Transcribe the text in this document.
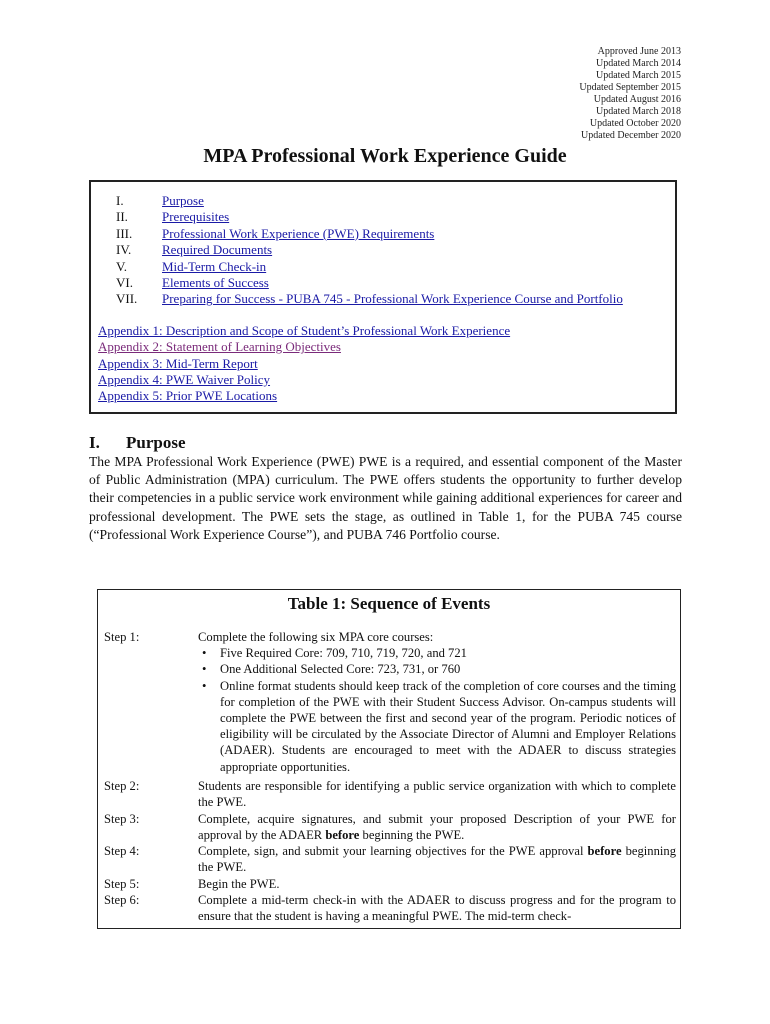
Approved June 2013
Updated March 2014
Updated March 2015
Updated September 2015
Updated August 2016
Updated March 2018
Updated October 2020
Updated December 2020
MPA Professional Work Experience Guide
I.	Purpose
II.	Prerequisites
III. Professional Work Experience (PWE) Requirements
IV. Required Documents
V.	Mid-Term Check-in
VI. Elements of Success
VII. Preparing for Success - PUBA 745 - Professional Work Experience Course and Portfolio
Appendix 1: Description and Scope of Student’s Professional Work Experience
Appendix 2: Statement of Learning Objectives
Appendix 3: Mid-Term Report
Appendix 4: PWE Waiver Policy
Appendix 5: Prior PWE Locations
I. Purpose
The MPA Professional Work Experience (PWE) PWE is a required, and essential component of the Master of Public Administration (MPA) curriculum. The PWE offers students the opportunity to further develop their competencies in a public service work environment while gaining additional experiences for career and professional development. The PWE sets the stage, as outlined in Table 1, for the PUBA 745 course (“Professional Work Experience Course”), and PUBA 746 Portfolio course.
Table 1: Sequence of Events
Step 1:	Complete the following six MPA core courses:
• Five Required Core: 709, 710, 719, 720, and 721
• One Additional Selected Core: 723, 731, or 760
• Online format students should keep track of the completion of core courses and the timing for completion of the PWE with their Student Success Advisor. On-campus students will complete the PWE between the first and second year of the program. Periodic notices of eligibility will be circulated by the Associate Director of Alumni and Employer Relations (ADAER). Students are encouraged to meet with the ADAER to discuss strategies appropriate opportunities.
Step 2:	Students are responsible for identifying a public service organization with which to complete the PWE.
Step 3:	Complete, acquire signatures, and submit your proposed Description of your PWE for approval by the ADAER before beginning the PWE.
Step 4:	Complete, sign, and submit your learning objectives for the PWE approval before beginning the PWE.
Step 5:	Begin the PWE.
Step 6:	Complete a mid-term check-in with the ADAER to discuss progress and for the program to ensure that the student is having a meaningful PWE. The mid-term check-
